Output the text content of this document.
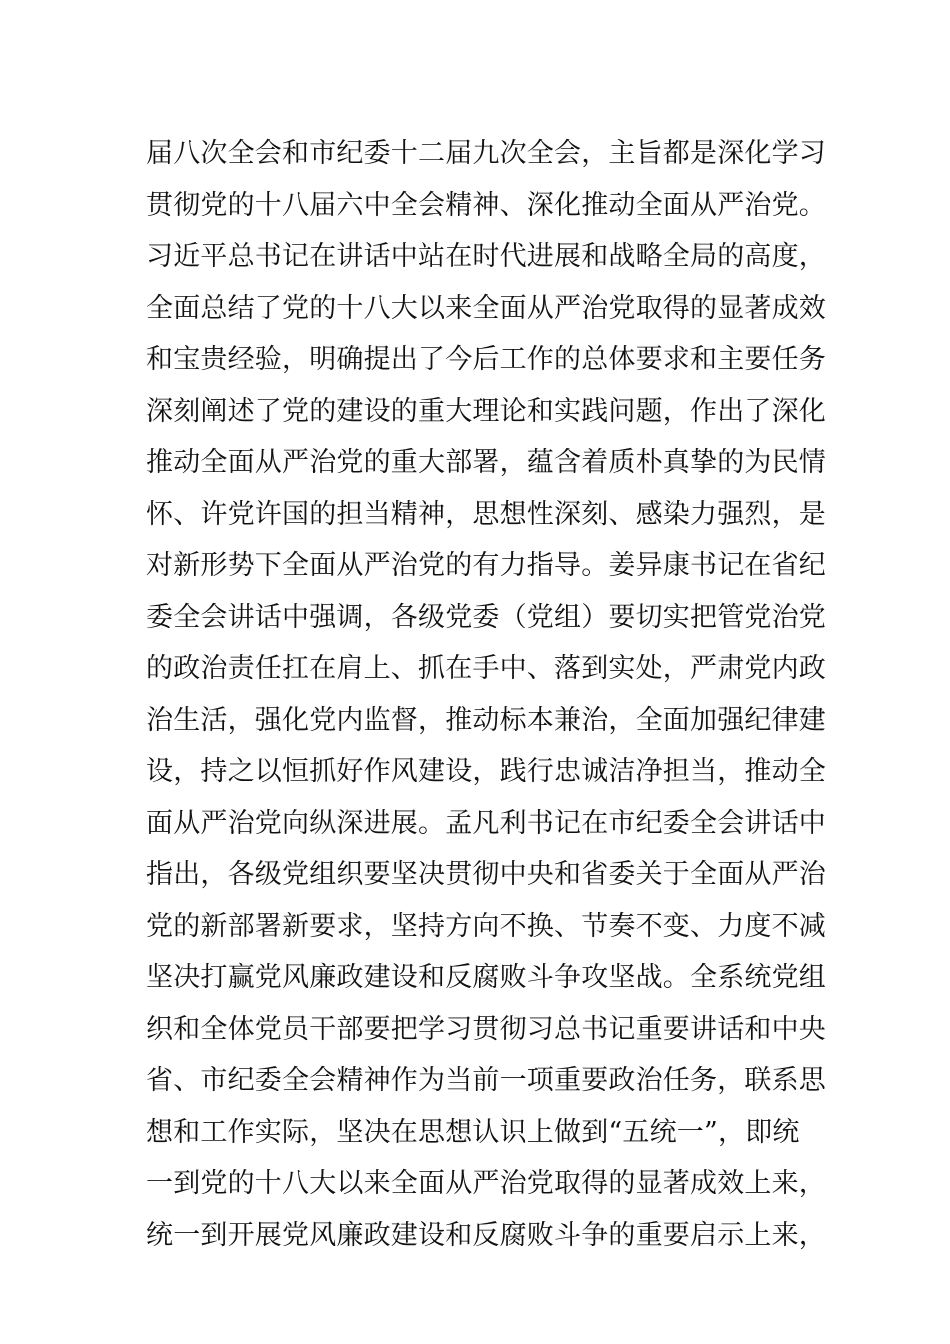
届八次全会和市纪委十二届九次全会，主旨都是深化学习
贯彻党的十八届六中全会精神、深化推动全面从严治党。
习近平总书记在讲话中站在时代进展和战略全局的高度，
全面总结了党的十八大以来全面从严治党取得的显著成效
和宝贵经验，明确提出了今后工作的总体要求和主要任务
深刻阐述了党的建设的重大理论和实践问题，作出了深化
推动全面从严治党的重大部署，蕴含着质朴真挚的为民情
怀、许党许国的担当精神，思想性深刻、感染力强烈，是
对新形势下全面从严治党的有力指导。姜异康书记在省纪
委全会讲话中强调，各级党委（党组）要切实把管党治党
的政治责任扛在肩上、抓在手中、落到实处，严肃党内政
治生活，强化党内监督，推动标本兼治，全面加强纪律建
设，持之以恒抓好作风建设，践行忠诚洁净担当，推动全
面从严治党向纵深进展。孟凡利书记在市纪委全会讲话中
指出，各级党组织要坚决贯彻中央和省委关于全面从严治
党的新部署新要求，坚持方向不换、节奏不变、力度不减
坚决打赢党风廉政建设和反腐败斗争攻坚战。全系统党组
织和全体党员干部要把学习贯彻习总书记重要讲话和中央
省、市纪委全会精神作为当前一项重要政治任务，联系思
想和工作实际，坚决在思想认识上做到“五统一”，即统
一到党的十八大以来全面从严治党取得的显著成效上来，
统一到开展党风廉政建设和反腐败斗争的重要启示上来，
